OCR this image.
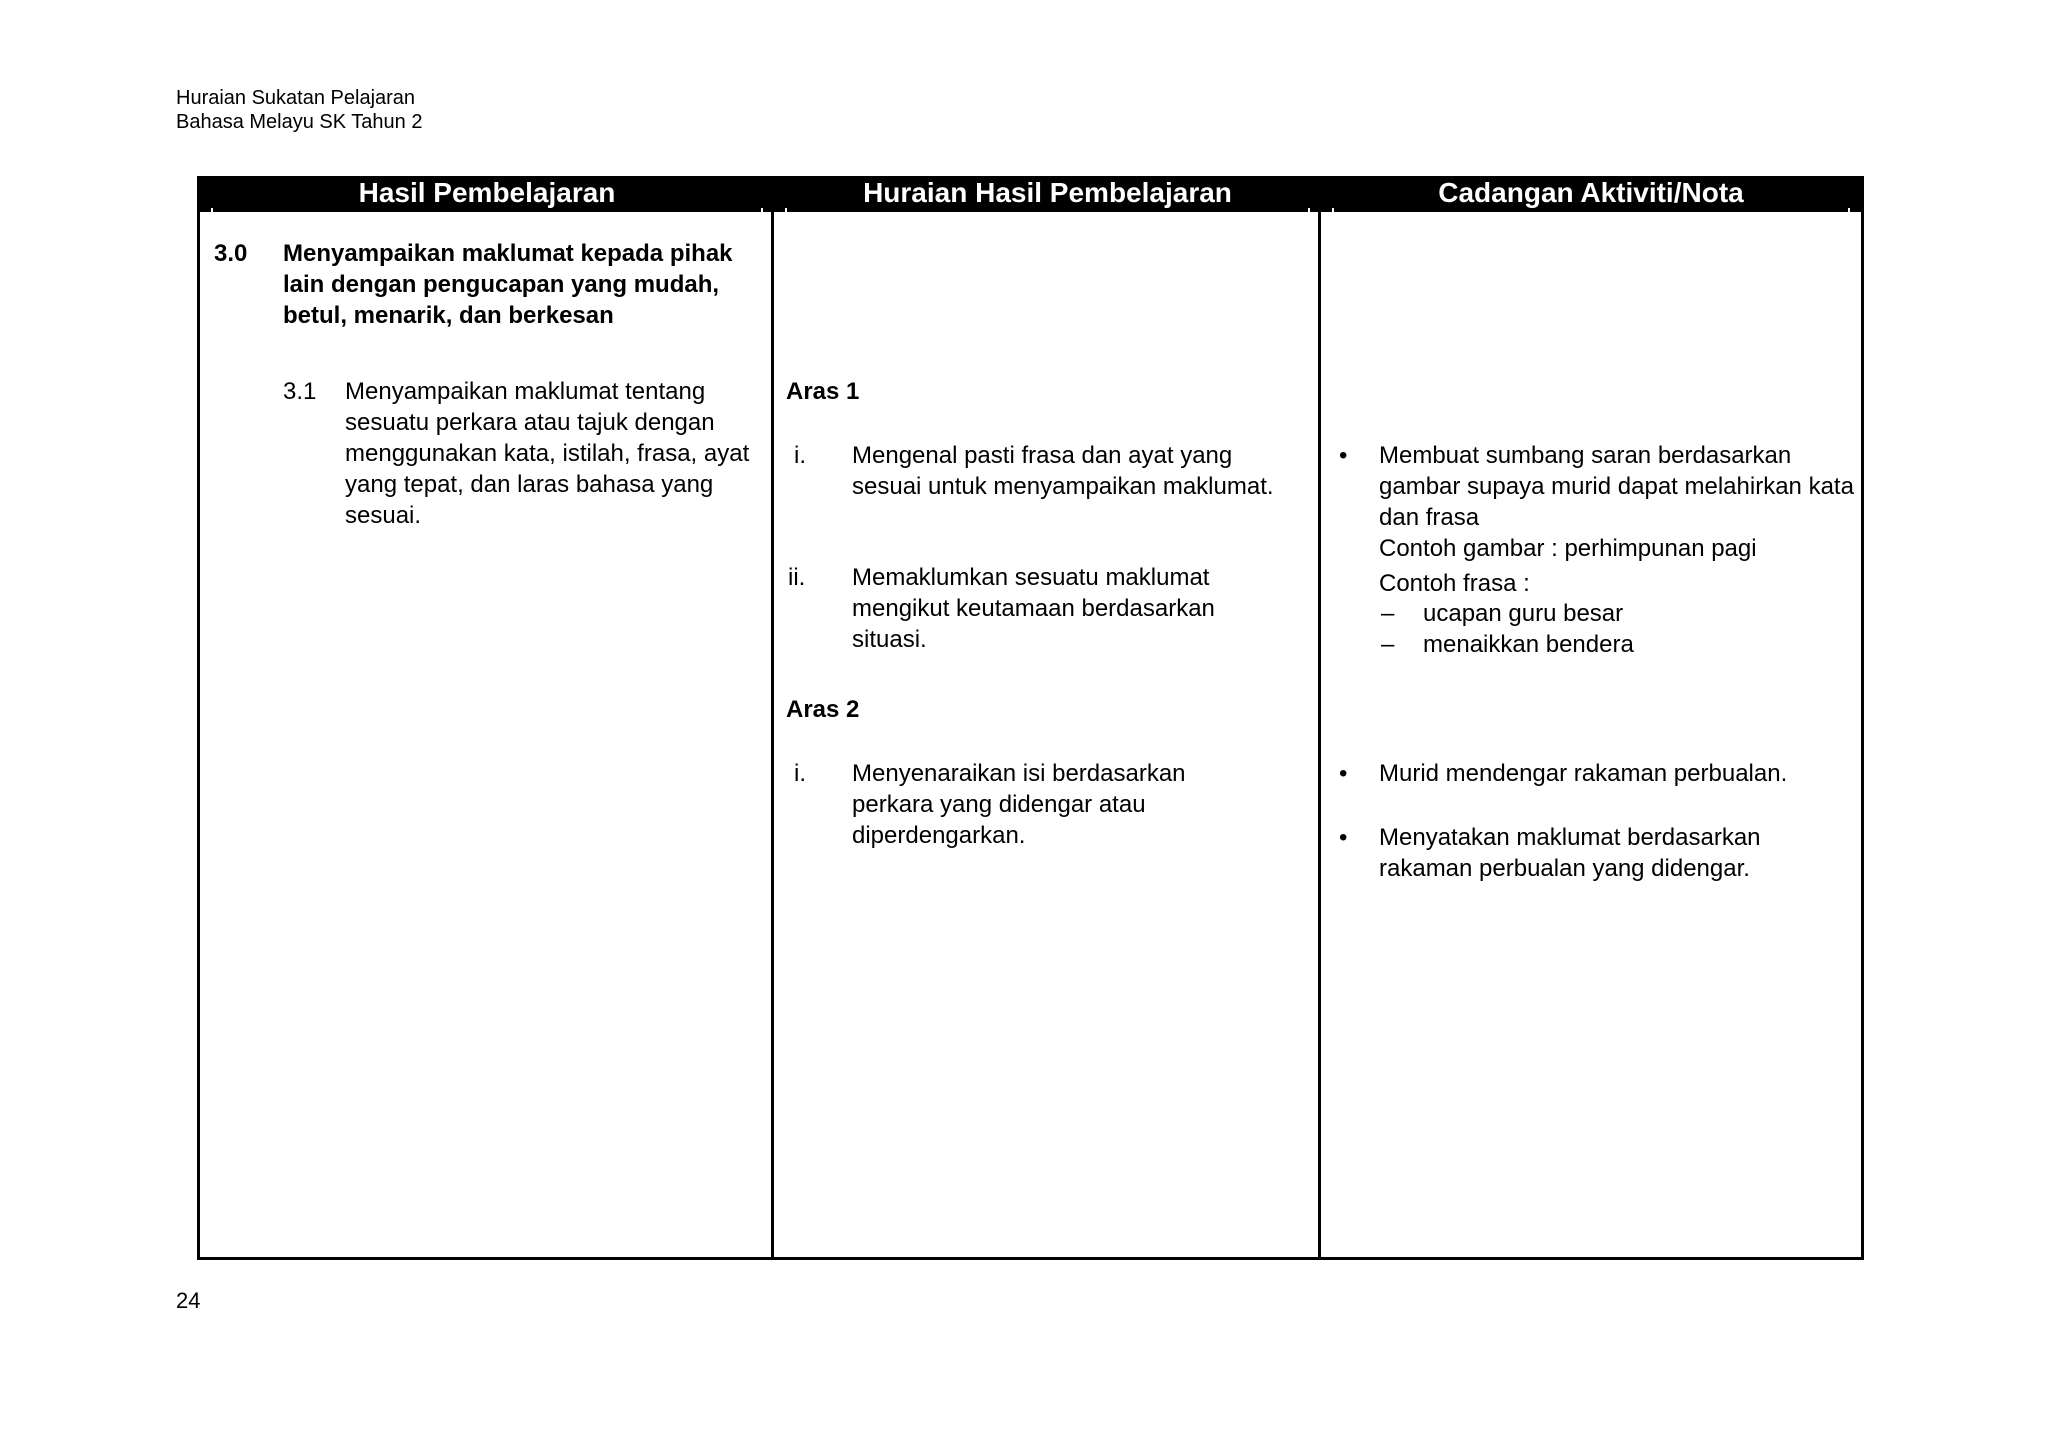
Huraian Sukatan Pelajaran
Bahasa Melayu SK Tahun 2
Hasil Pembelajaran
3.0 Menyampaikan maklumat kepada pihak lain dengan pengucapan yang mudah, betul, menarik, dan berkesan
3.1 Menyampaikan maklumat tentang sesuatu perkara atau tajuk dengan menggunakan kata, istilah, frasa, ayat yang tepat, dan laras bahasa yang sesuai.
Huraian Hasil Pembelajaran
Aras 1
i. Mengenal pasti frasa dan ayat yang sesuai untuk menyampaikan maklumat.
ii. Memaklumkan sesuatu maklumat mengikut keutamaan berdasarkan situasi.
Aras 2
i. Menyenaraikan isi berdasarkan perkara yang didengar atau diperdengarkan.
Cadangan Aktiviti/Nota
• Membuat sumbang saran berdasarkan gambar supaya murid dapat melahirkan kata dan frasa
Contoh gambar : perhimpunan pagi
Contoh frasa :
– ucapan guru besar
– menaikkan bendera
• Murid mendengar rakaman perbualan.
• Menyatakan maklumat berdasarkan rakaman perbualan yang didengar.
24
